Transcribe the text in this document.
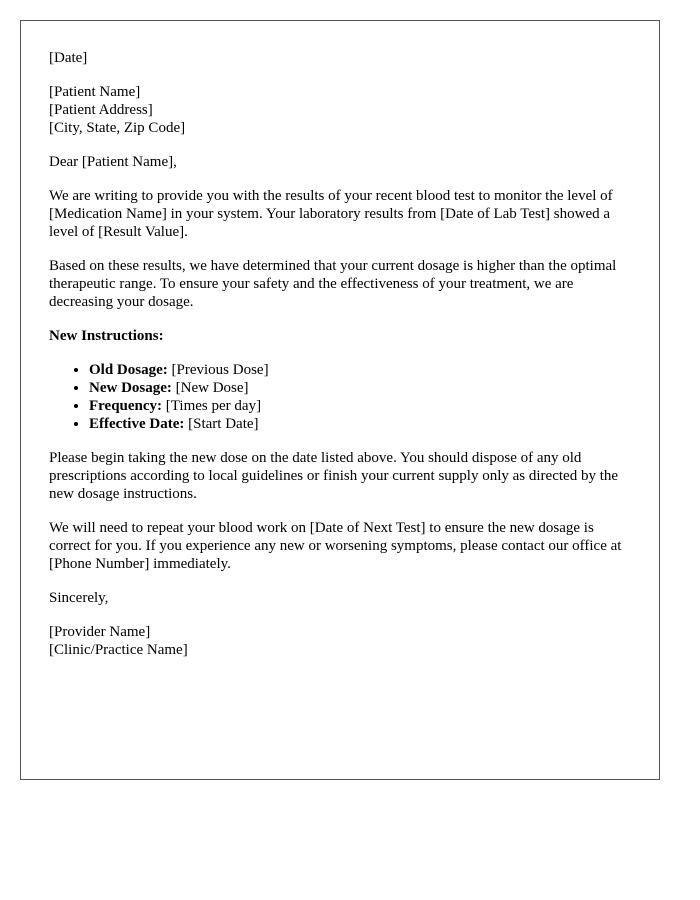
[Date]
[Patient Name]
[Patient Address]
[City, State, Zip Code]

Dear [Patient Name],

We are writing to provide you with the results of your recent blood test to monitor the level of [Medication Name] in your system. Your laboratory results from [Date of Lab Test] showed a level of [Result Value].

Based on these results, we have determined that your current dosage is higher than the optimal therapeutic range. To ensure your safety and the effectiveness of your treatment, we are decreasing your dosage.

New Instructions:

• Old Dosage: [Previous Dose]
• New Dosage: [New Dose]
• Frequency: [Times per day]
• Effective Date: [Start Date]

Please begin taking the new dose on the date listed above. You should dispose of any old prescriptions according to local guidelines or finish your current supply only as directed by the new dosage instructions.

We will need to repeat your blood work on [Date of Next Test] to ensure the new dosage is correct for you. If you experience any new or worsening symptoms, please contact our office at [Phone Number] immediately.

Sincerely,

[Provider Name]
[Clinic/Practice Name]
